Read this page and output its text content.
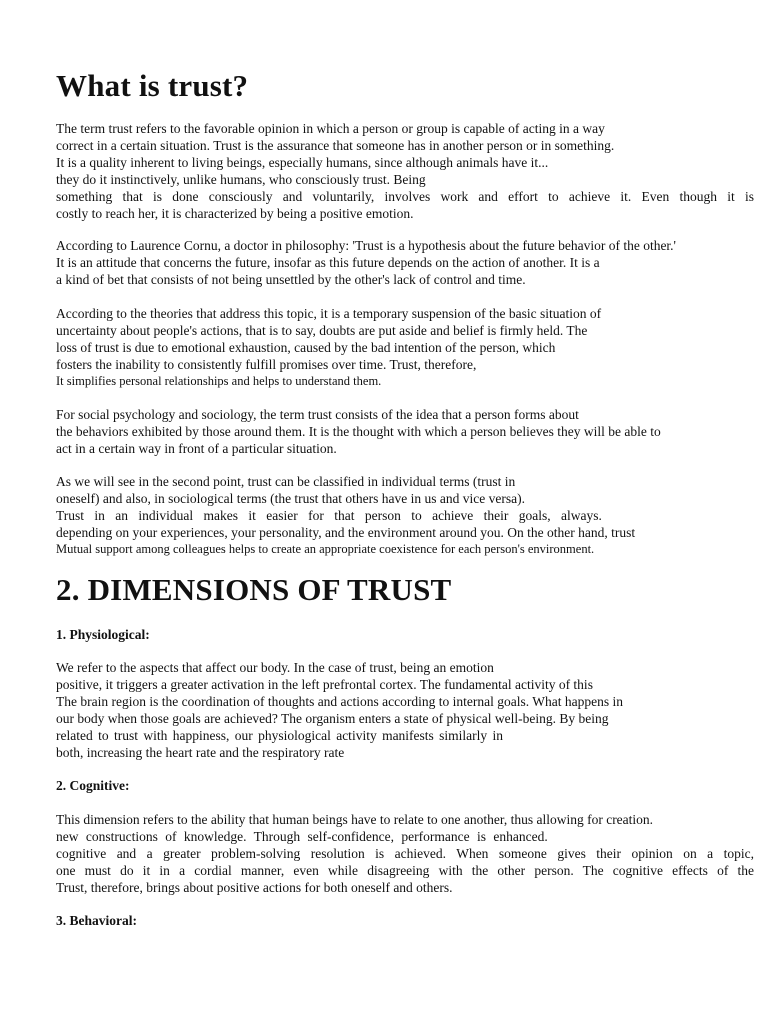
What is trust?
The term trust refers to the favorable opinion in which a person or group is capable of acting in a way
correct in a certain situation. Trust is the assurance that someone has in another person or in something.
It is a quality inherent to living beings, especially humans, since although animals have it...
they do it instinctively, unlike humans, who consciously trust. Being
something that is done consciously and voluntarily, involves work and effort to achieve it. Even though it is
costly to reach her, it is characterized by being a positive emotion.
According to Laurence Cornu, a doctor in philosophy: 'Trust is a hypothesis about the future behavior of the other.'
It is an attitude that concerns the future, insofar as this future depends on the action of another. It is a
a kind of bet that consists of not being unsettled by the other's lack of control and time.
According to the theories that address this topic, it is a temporary suspension of the basic situation of
uncertainty about people's actions, that is to say, doubts are put aside and belief is firmly held. The
loss of trust is due to emotional exhaustion, caused by the bad intention of the person, which
fosters the inability to consistently fulfill promises over time. Trust, therefore,
It simplifies personal relationships and helps to understand them.
For social psychology and sociology, the term trust consists of the idea that a person forms about
the behaviors exhibited by those around them. It is the thought with which a person believes they will be able to
act in a certain way in front of a particular situation.
As we will see in the second point, trust can be classified in individual terms (trust in
oneself) and also, in sociological terms (the trust that others have in us and vice versa).
Trust in an individual makes it easier for that person to achieve their goals, always.
depending on your experiences, your personality, and the environment around you. On the other hand, trust
Mutual support among colleagues helps to create an appropriate coexistence for each person's environment.
2. DIMENSIONS OF TRUST
1. Physiological:
We refer to the aspects that affect our body. In the case of trust, being an emotion
positive, it triggers a greater activation in the left prefrontal cortex. The fundamental activity of this
The brain region is the coordination of thoughts and actions according to internal goals. What happens in
our body when those goals are achieved? The organism enters a state of physical well-being. By being
related to trust with happiness, our physiological activity manifests similarly in
both, increasing the heart rate and the respiratory rate
2. Cognitive:
This dimension refers to the ability that human beings have to relate to one another, thus allowing for creation.
new constructions of knowledge. Through self-confidence, performance is enhanced.
cognitive and a greater problem-solving resolution is achieved. When someone gives their opinion on a topic,
one must do it in a cordial manner, even while disagreeing with the other person. The cognitive effects of the
Trust, therefore, brings about positive actions for both oneself and others.
3. Behavioral:
